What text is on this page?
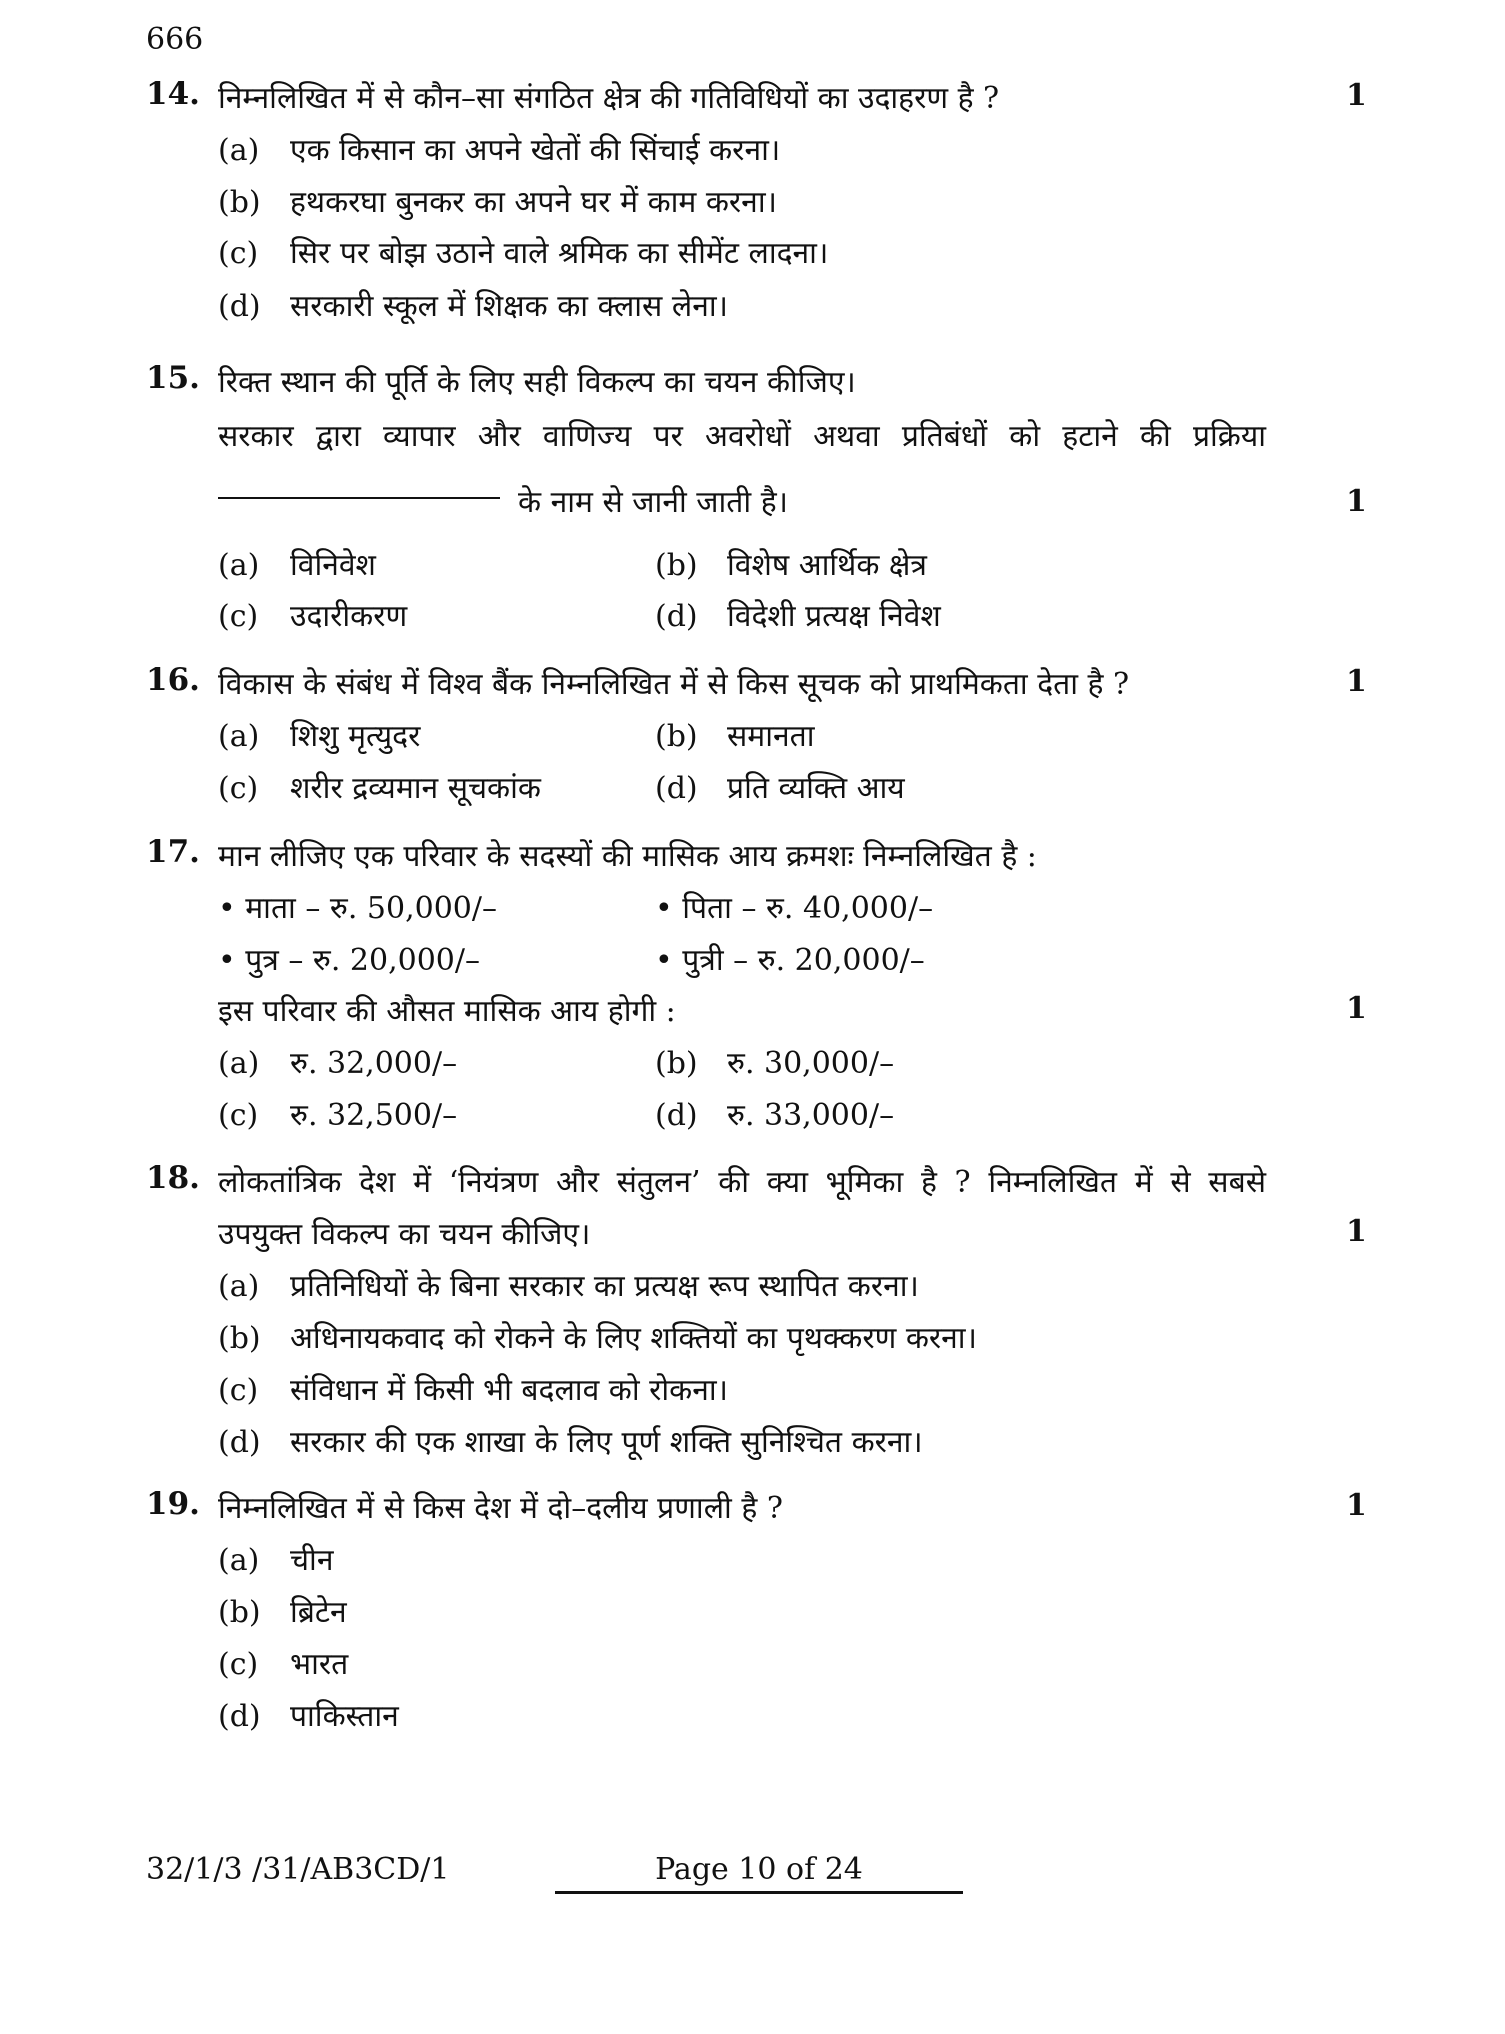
666
14. निम्नलिखित में से कौन–सा संगठित क्षेत्र की गतिविधियों का उदाहरण है ?	1
(a) एक किसान का अपने खेतों की सिंचाई करना।
(b) हथकरघा बुनकर का अपने घर में काम करना।
(c) सिर पर बोझ उठाने वाले श्रमिक का सीमेंट लादना।
(d) सरकारी स्कूल में शिक्षक का क्लास लेना।
15. रिक्त स्थान की पूर्ति के लिए सही विकल्प का चयन कीजिए।
सरकार द्वारा व्यापार और वाणिज्य पर अवरोधों अथवा प्रतिबंधों को हटाने की प्रक्रिया
के नाम से जानी जाती है।	1
(a) विनिवेश	(b) विशेष आर्थिक क्षेत्र
(c) उदारीकरण	(d) विदेशी प्रत्यक्ष निवेश
16. विकास के संबंध में विश्व बैंक निम्नलिखित में से किस सूचक को प्राथमिकता देता है ?	1
(a) शिशु मृत्युदर	(b) समानता
(c) शरीर द्रव्यमान सूचकांक	(d) प्रति व्यक्ति आय
17. मान लीजिए एक परिवार के सदस्यों की मासिक आय क्रमशः निम्नलिखित है :
• माता – रु. 50,000/–	• पिता – रु. 40,000/–
• पुत्र – रु. 20,000/–	• पुत्री – रु. 20,000/–
इस परिवार की औसत मासिक आय होगी :	1
(a) रु. 32,000/–	(b) रु. 30,000/–
(c) रु. 32,500/–	(d) रु. 33,000/–
18. लोकतांत्रिक देश में ‘नियंत्रण और संतुलन’ की क्या भूमिका है ? निम्नलिखित में से सबसे
उपयुक्त विकल्प का चयन कीजिए।	1
(a) प्रतिनिधियों के बिना सरकार का प्रत्यक्ष रूप स्थापित करना।
(b) अधिनायकवाद को रोकने के लिए शक्तियों का पृथक्करण करना।
(c) संविधान में किसी भी बदलाव को रोकना।
(d) सरकार की एक शाखा के लिए पूर्ण शक्ति सुनिश्चित करना।
19. निम्नलिखित में से किस देश में दो–दलीय प्रणाली है ?	1
(a) चीन
(b) ब्रिटेन
(c) भारत
(d) पाकिस्तान
32/1/3 /31/AB3CD/1	Page 10 of 24
